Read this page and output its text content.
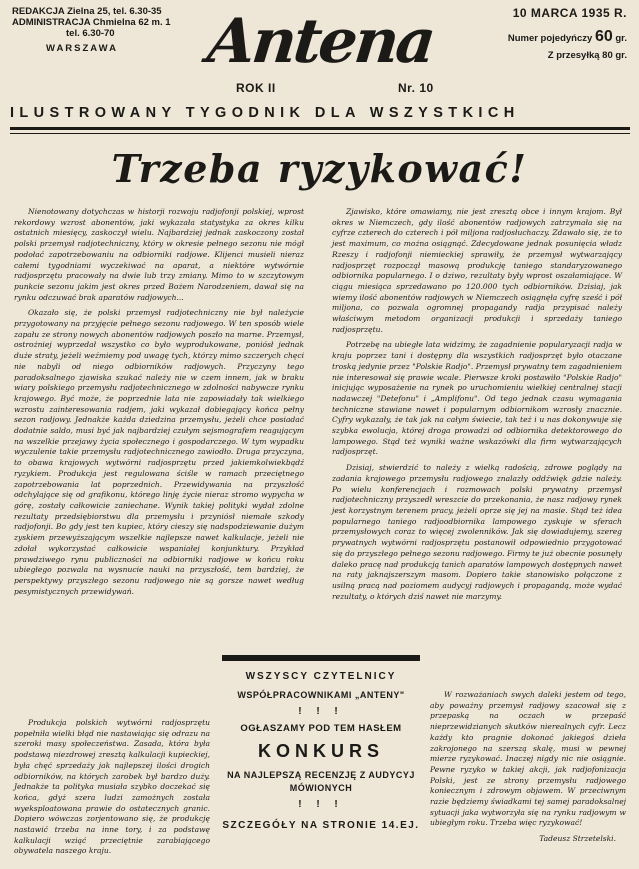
REDAKCJA Zielna 25, tel. 6.30-35
ADMINISTRACJA Chmielna 62 m. 1
tel. 6.30-70
WARSZAWA	Antena	10 MARCA 1935 R.
Numer pojedyńczy 60 gr.
Z przesyłką 80 gr.
ROK II	Nr. 10
ILUSTROWANY TYGODNIK DLA WSZYSTKICH
Trzeba ryzykować!

Nienotowany dotychczas w historji rozwoju radjofonji polskiej, wprost rekordowy wzrost abonentów, jaki wykazała statystyka za okres kilku ostatnich miesięcy, zaskoczył wielu. Najbardziej jednak zaskoczony został polski przemysł radjotechniczny, który w okresie pełnego sezonu nie mógł podołać zapotrzebowaniu na odbiorniki radjowe. Klijenci musieli nieraz całemi tygodniami wyczekiwać na aparat, a niektóre wytwórnie radjosprzętu pracowały na dwie lub trzy zmiany. Mimo to w szczytowym punkcie sezonu jakim jest okres przed Bożem Narodzeniem, dawał się na rynku odczuwać brak aparatów radjowych...

Okazało się, że polski przemysł radjotechniczny nie był należycie przygotowany na przyjęcie pełnego sezonu radjowego. W ten sposób wiele zapału ze strony nowych abonentów radjowych poszło na marne. Przemysł, ostrożniej wyprzedał wszystko co było wyprodukowane, poniósł jednak duże straty, jeżeli weźmiemy pod uwagę tych, którzy mimo szczerych chęci nie nabyli od niego odbiorników radjowych. Przyczyny tego paradoksalnego zjawiska szukać należy nie w czem innem, jak w braku wiary polskiego przemysłu radjotechnicznego w zdolności nabywcze rynku krajowego. Być może, że poprzednie lata nie zapowiadały tak wielkiego wzrostu zainteresowania radjem, jaki wykazał dobiegający końca pełny sezon radjowy. Jednakże każda dziedzina przemysłu, jeżeli chce posiadać dodatnie saldo, musi być jak najbardziej czułym sejsmografem reagującym na wszelkie przejawy życia społecznego i gospodarczego. W tym wypadku wyczulenie takie przemysłu radjotechnicznego zawiodło. Druga przyczyna, to obawa krajowych wytwórni radjosprzętu przed jakiemkolwiekbądź ryzykiem. Produkcja jest regulowana ściśle w ramach przeciętnego zapotrzebowania lat poprzednich. Przewidywania na przyszłość odchylające się od grafikonu, którego linję życie nieraz stromo wypycha w górę, zostały całkowicie zaniechane. Wynik takiej polityki wydał zdolne rezultaty przedsiębiorstwu dla przemysłu i przyniósł niemałe szkody radjofonji. Bo gdy jest ten kupiec, który cieszy się nadspodziewanie dużym zyskiem przewyższającym wszelkie najlepsze nawet kalkulacje, jeżeli nie zdołał wykorzystać całkowicie wspaniałej konjunktury. Przykład prawdziwego rynu publiczności na odbiorniki radjowe w końcu roku ubiegłego pozwala na wysnucie nauki na przyszłość, tem bardziej, że perspektywy przyszłego sezonu radjowego nie są gorsze nawet według pesymistycznych przewidywań.

Produkcja polskich wytwórni radjosprzętu popełniła wielki błąd nie nastawiając się odrazu na szeroki masy społeczeństwa. Zasada, która była podstawą niezdrowej zresztą kalkulacji kupieckiej, była chęć sprzedaży jak najlepszej ilości drogich odbiorników, na których zarobek był bardzo duży. Jednakże ta polityka musiała szybko doczekać się końca, gdyż szera ludzi zamożnych została wyeksploatowana prawie do ostatecznych granic. Dopiero wówczas zorjentowano się, że produkcję nastawić trzeba na inne tory, i za podstawę kalkulacji wziąć przeciętnie zarabiającego obywatela naszego kraju.

Zjawisko, które omawiamy, nie jest zresztą obce i innym krajom. Był okres w Niemczech, gdy ilość abonentów radjowych zatrzymała się na cyfrze czterech do czterech i pół miljona radjosłuchaczy. Zdawało się, że to jest maximum, co można osiągnąć. Zdecydowane jednak posunięcia władz Rzeszy i radjofonji niemieckiej sprawiły, że przemysł wytwarzający radjosprzęt rozpoczął masową produkcję taniego standaryzowanego odbiornika popularnego. I o dziwo, rezultaty były wprost oszałamiające. W ciągu miesiąca sprzedawano po 120.000 tych odbiorników. Dzisiaj, jak wiemy ilość abonentów radjowych w Niemczech osiągnęła cyfrę sześć i pół miljona, co pozwala ogromnej propagandy radja przypisać należy właściwym metodom organizacji produkcji i sprzedaży taniego radjosprzętu.

Potrzebę na ubiegłe lata widzimy, że zagadnienie popularyzacji radja w kraju poprzez tani i dostępny dla wszystkich radjosprzęt było otaczane troską jedynie przez "Polskie Radjo". Przemysł prywatny tem zagadnieniem nie interesował się prawie wcale. Pierwsze kroki postawiło "Polskie Radjo" inicjując wyposażenie na rynek po uruchomieniu wielkiej centralnej stacji nadawczej "Detefonu" i „Amplifonu". Od tego jednak czasu wymagania techniczne stawiane nawet i popularnym odbiornikom wzrosły znacznie. Cyfry wykazały, że tak jak na całym świecie, tak też i u nas dokonywuje się szybka ewolucja, której droga prowadzi od odbiornika detektorowego do lampowego. Stąd też wyniki ważne wskazówki dla firm wytwarzających radjosprzęt.

Dzisiaj, stwierdzić to należy z wielką radością, zdrowe poglądy na zadania krajowego przemysłu radjowego znalazły oddźwięk gdzie należy. Po wielu konferencjach i rozmowach polski prywatny przemysł radjotechniczny przyszedł wreszcie do przekonania, że nasz radjowy rynek jest korzystnym terenem pracy, jeżeli oprze się jej na masie. Stąd też idea popularnego taniego radjoodbiornika lampowego zyskuje w sferach przemysłowych coraz to więcej zwolenników. Jak się dowiadujemy, szereg prywatnych wytwórni radjosprzętu postanowił odpowiednio przygotować się do przyszłego pełnego sezonu radjowego. Firmy te już obecnie posunęły daleko pracę nad produkcją tanich aparatów lampowych dostępnych nawet na raty jaknajszerszym masom. Dopiero takie stanowisko połączone z usilną pracą nad poziomem audycyj radjowych i propagandą, może wydać rezultaty, o których dziś nawet nie marzymy.

W rozważaniach swych daleki jestem od tego, aby poważny przemysł radjowy szacował się z przepaską na oczach w przepaść nieprzewidzianych skutków nierealnych cyfr. Lecz każdy kto pragnie dokonać jakiegoś dzieła zakrojonego na szerszą skalę, musi w pewnej mierze ryzykować. Inaczej nigdy nic nie osiągnie. Pewne ryzyko w takiej akcji, jak radjofonizacja Polski, jest ze strony przemysłu radjowego koniecznym i zdrowym objawem. W przeciwnym razie będziemy świadkami tej samej paradoksalnej sytuacji jaka wytworzyła się na rynku radjowym w ubiegłym roku. Trzeba więc ryzykować!

Tadeusz Strzetelski.
WSZYSCY CZYTELNICY
WSPÓŁPRACOWNIKAMI „ANTENY"
! ! !
OGŁASZAMY POD TEM HASŁEM
KONKURS
NA NAJLEPSZĄ RECENZJĘ Z AUDYCYJ
MÓWIONYCH
! ! !
SZCZEGÓŁY NA STRONIE 14.EJ.
